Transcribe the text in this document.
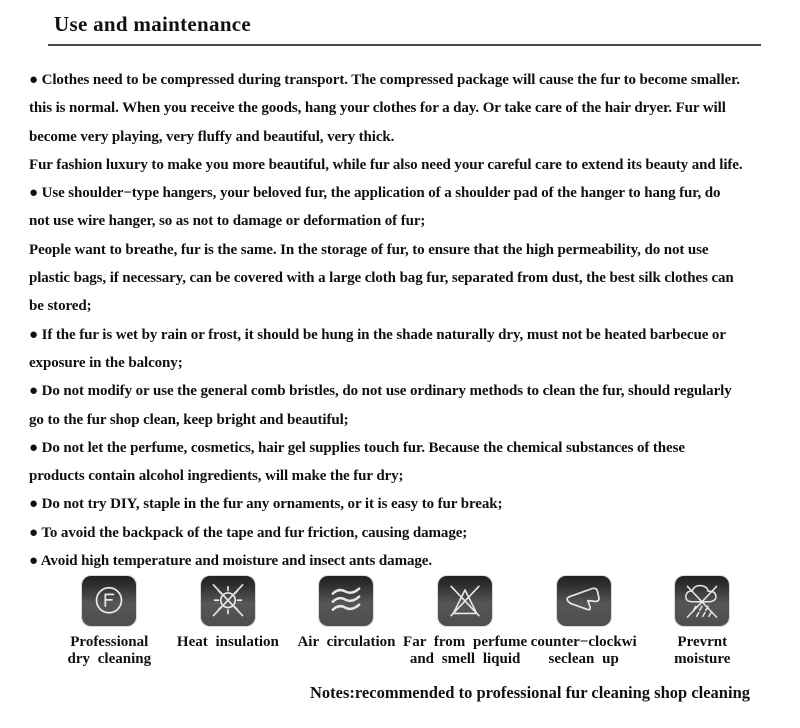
Use and maintenance
● Clothes need to be compressed during transport. The compressed package will cause the fur to become smaller.
this is normal. When you receive the goods, hang your clothes for a day. Or take care of the hair dryer. Fur will
become very playing, very fluffy and beautiful, very thick.
Fur fashion luxury to make you more beautiful, while fur also need your careful care to extend its beauty and life.
● Use shoulder−type hangers, your beloved fur, the application of a shoulder pad of the hanger to hang fur, do
not use wire hanger, so as not to damage or deformation of fur;
People want to breathe, fur is the same. In the storage of fur, to ensure that the high permeability, do not use
plastic bags, if necessary, can be covered with a large cloth bag fur, separated from dust, the best silk clothes can
be stored;
● If the fur is wet by rain or frost, it should be hung in the shade naturally dry, must not be heated barbecue or
exposure in the balcony;
● Do not modify or use the general comb bristles, do not use ordinary methods to clean the fur, should regularly
go to the fur shop clean, keep bright and beautiful;
● Do not let the perfume, cosmetics, hair gel supplies touch fur. Because the chemical substances of these
products contain alcohol ingredients, will make the fur dry;
● Do not try DIY, staple in the fur any ornaments, or it is easy to fur break;
● To avoid the backpack of the tape and fur friction, causing damage;
● Avoid high temperature and moisture and insect ants damage.
Professional
dry cleaning
Heat insulation Air circulation Far from perfume
and smell liquid
counter−clockwi
seclean up
Prevrnt
moisture
Notes:recommended to professional fur cleaning shop cleaning
